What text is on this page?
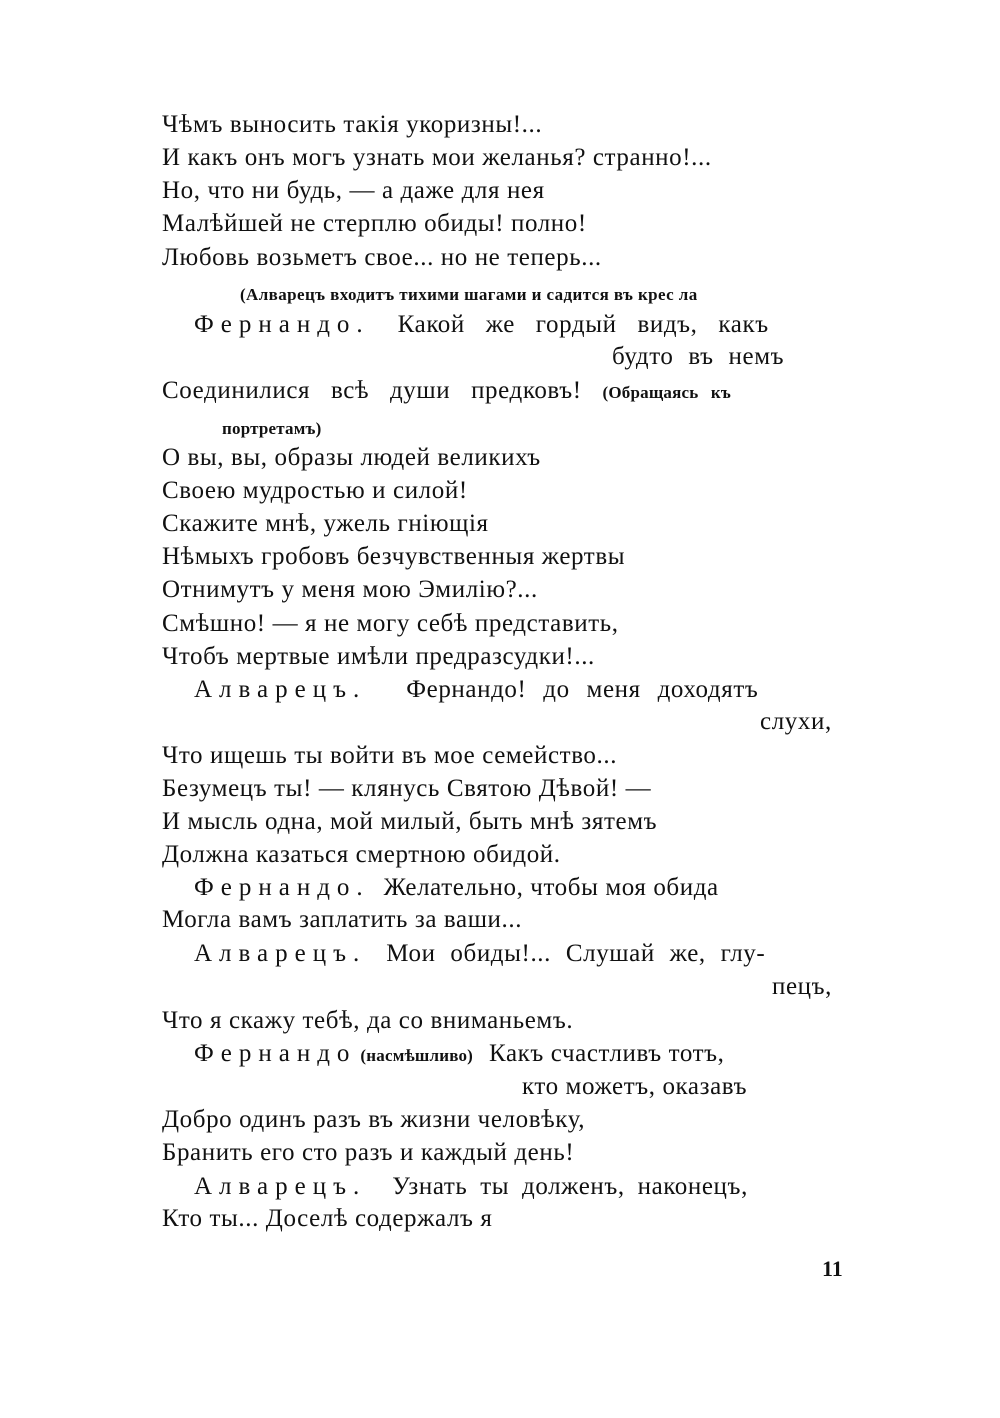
Чѣмъ выносить такія укоризны!...
И какъ онъ могъ узнать мои желанья? странно!...
Но, что ни будь, — а даже для нея
Малѣйшей не стерплю обиды! полно!
Любовь возьметъ свое... но не теперь...
(Алварецъ входитъ тихими шагами и садится въ крес ла
Фернандо. Какой же гордый видъ, какъ
будто въ немъ
Соединилися всѣ души предковъ! (Обращаясь къ
портретамъ)
О вы, вы, образы людей великихъ
Своею мудростью и силой!
Скажите мнѣ, ужель гніющія
Нѣмыхъ гробовъ безчувственныя жертвы
Отнимутъ у меня мою Эмилію?...
Смѣшно! — я не могу себѣ представить,
Чтобъ мертвые имѣли предразсудки!...
Алварецъ. Фернандо! до меня доходятъ
слухи,
Что ищешь ты войти въ мое семейство...
Безумецъ ты! — клянусь Святою Дѣвой! —
И мысль одна, мой милый, быть мнѣ зятемъ
Должна казаться смертною обидой.
Фернандо. Желательно, чтобы моя обида
Могла вамъ заплатить за ваши...
Алварецъ. Мои обиды!... Слушай же, глу-
пецъ,
Что я скажу тебѣ, да со вниманьемъ.
Фернандо (насмѣшливо) Какъ счастливъ тотъ,
кто можетъ, оказавъ
Добро одинъ разъ въ жизни человѣку,
Бранить его сто разъ и каждый день!
Алварецъ. Узнать ты долженъ, наконецъ,
Кто ты... Доселѣ содержалъ я
11
